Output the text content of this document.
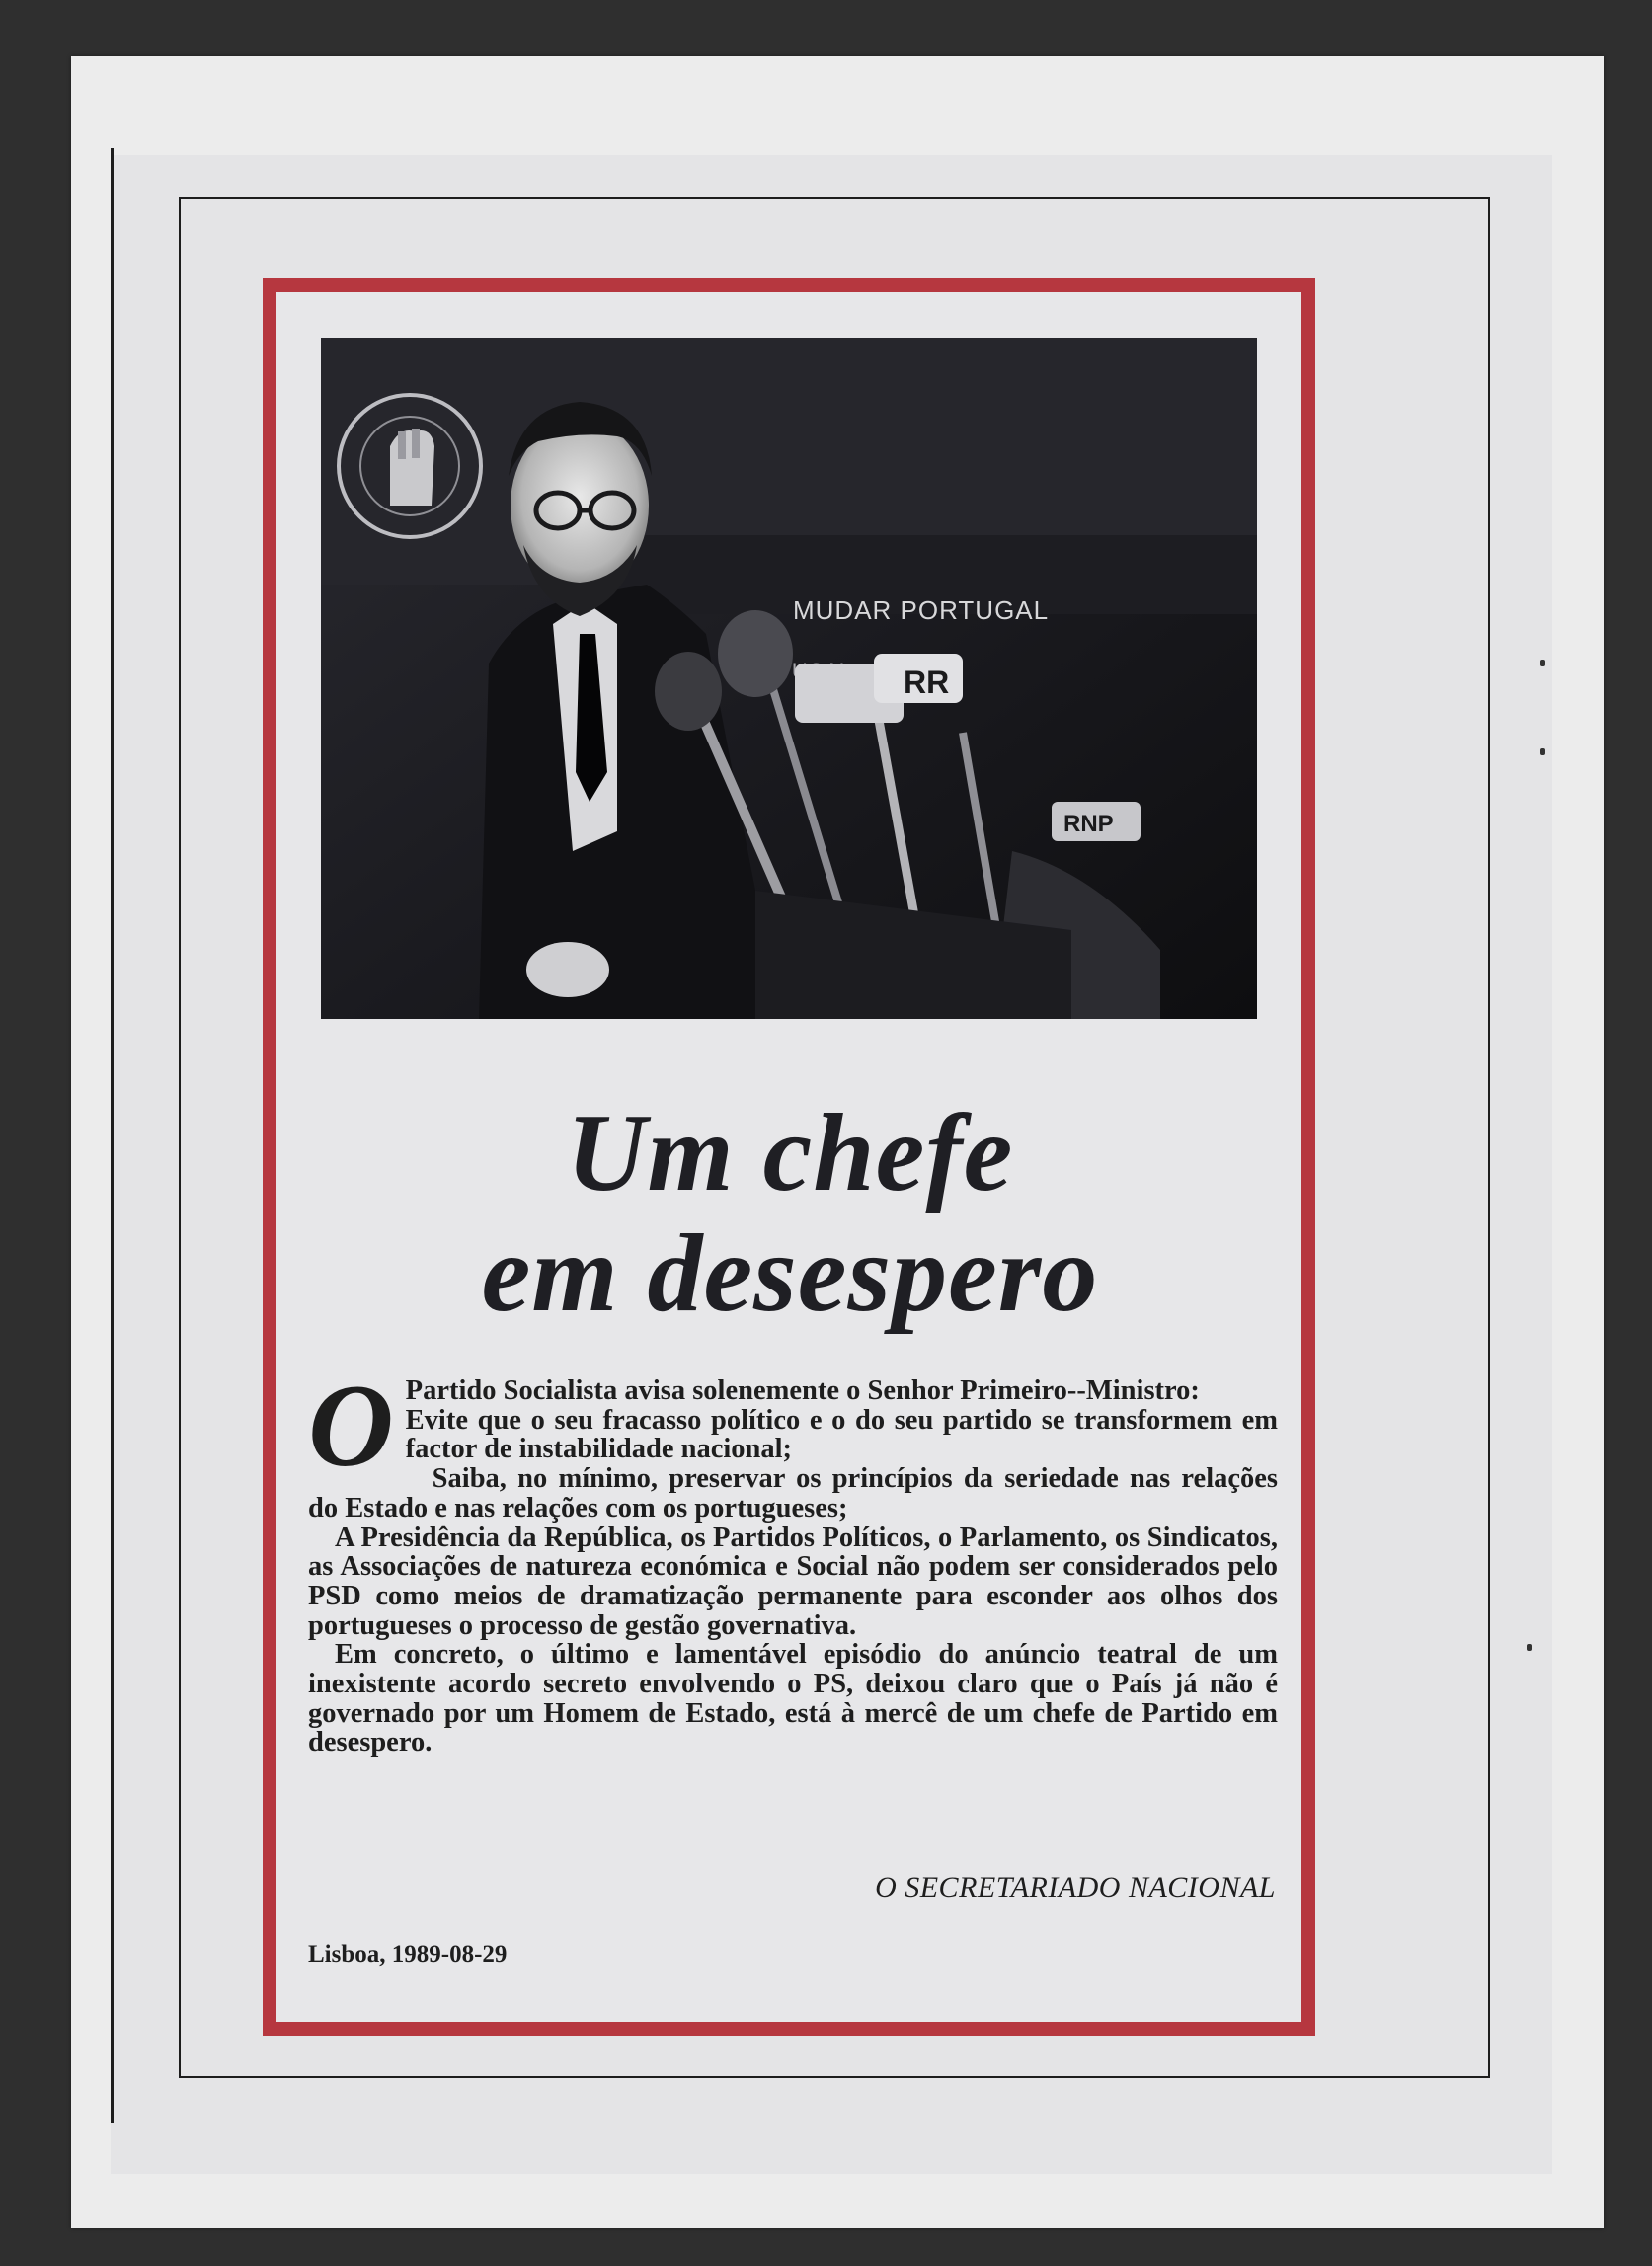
MUDAR PORTUGAL
RR
RNP
Um chefe
em desespero
O Partido Socialista avisa solenemente o Senhor Primeiro--Ministro:

Evite que o seu fracasso político e o do seu partido se transformem em factor de instabilidade nacional;

Saiba, no mínimo, preservar os princípios da seriedade nas relações do Estado e nas relações com os portugueses;

A Presidência da República, os Partidos Políticos, o Parlamento, os Sindicatos, as Associações de natureza económica e Social não podem ser considerados pelo PSD como meios de dramatização permanente para esconder aos olhos dos portugueses o processo de gestão governativa.

Em concreto, o último e lamentável episódio do anúncio teatral de um inexistente acordo secreto envolvendo o PS, deixou claro que o País já não é governado por um Homem de Estado, está à mercê de um chefe de Partido em desespero.

O SECRETARIADO NACIONAL
Lisboa, 1989-08-29
